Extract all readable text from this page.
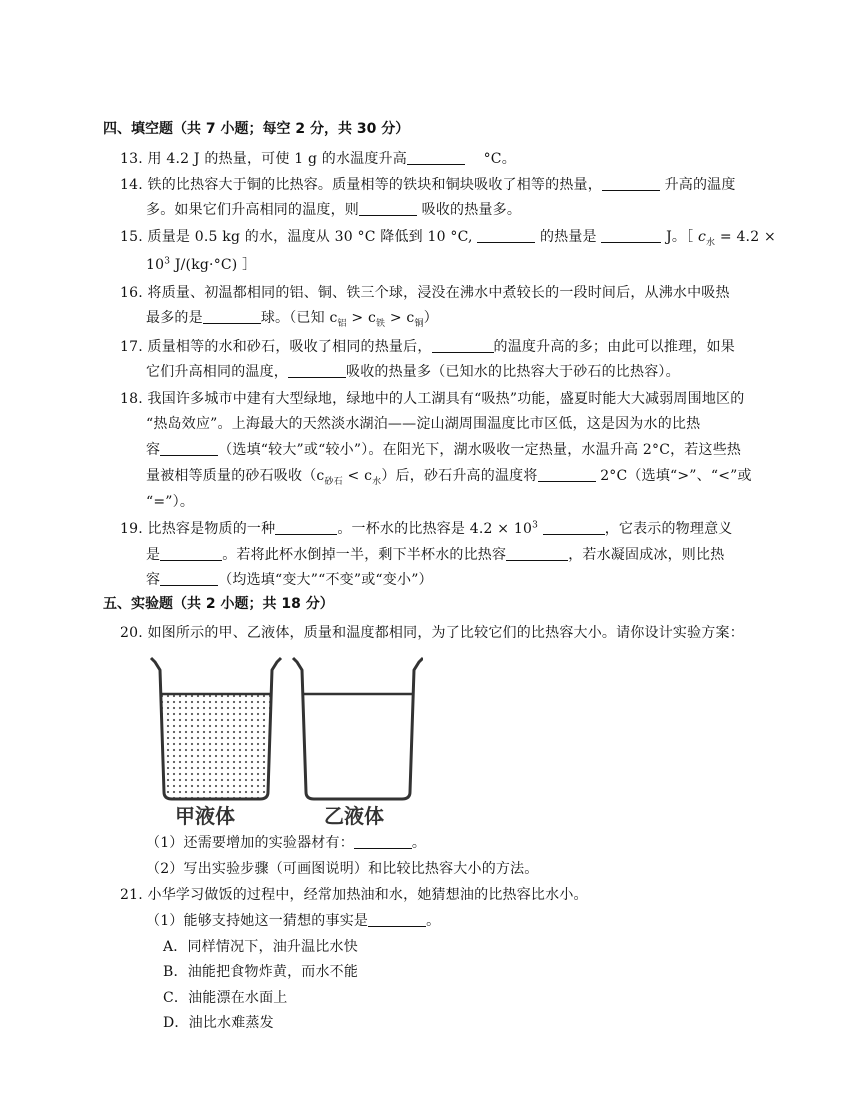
四、填空题（共 7 小题；每空 2 分，共 30 分）
13. 用 4.2 J 的热量，可使 1 g 的水温度升高	°C。
14. 铁的比热容大于铜的比热容。质量相等的铁块和铜块吸收了相等的热量，	升高的温度
多。如果它们升高相同的温度，则	吸收的热量多。
15. 质量是 0.5 kg 的水，温度从 30 °C 降低到 10 °C,	的热量是	J。［ $c_水 = 4.2$ ×
$10^3$ J/(kg·°C) ］
16. 将质量、初温都相同的铝、铜、铁三个球，浸没在沸水中煮较长的一段时间后，从沸水中吸热
最多的是	球。（已知 $c_铝 > c_铁 > c_铜$）
17. 质量相等的水和砂石，吸收了相同的热量后，	的温度升高的多；由此可以推理，如果
它们升高相同的温度，	吸收的热量多（已知水的比热容大于砂石的比热容）。
18. 我国许多城市中建有大型绿地，绿地中的人工湖具有“吸热”功能，盛夏时能大大减弱周围地区的
“热岛效应”。上海最大的天然淡水湖泊——淀山湖周围温度比市区低，这是因为水的比热
容	（选填“较大”或“较小”）。在阳光下，湖水吸收一定热量，水温升高 2°C，若这些热
量被相等质量的砂石吸收$(c_{砂石} < c_水)$后，砂石升高的温度将	2°C（选填“>”、“<”或
“=”）。
19. 比热容是物质的一种	。一杯水的比热容是 $4.2 \times 10^3$	，它表示的物理意义
是	。若将此杯水倒掉一半，剩下半杯水的比热容	，若水凝固成冰，则比热
容	（均选填“变大”“不变”或“变小”）
五、实验题（共 2 小题；共 18 分）
20. 如图所示的甲、乙液体，质量和温度都相同，为了比较它们的比热容大小。请你设计实验方案：
甲液体	乙液体
（1）还需要增加的实验器材有：	。
（2）写出实验步骤（可画图说明）和比较比热容大小的方法。
21. 小华学习做饭的过程中，经常加热油和水，她猜想油的比热容比水小。
（1）能够支持她这一猜想的事实是	。
A．同样情况下，油升温比水快
B．油能把食物炸黄，而水不能
C．油能漂在水面上
D．油比水难蒸发
